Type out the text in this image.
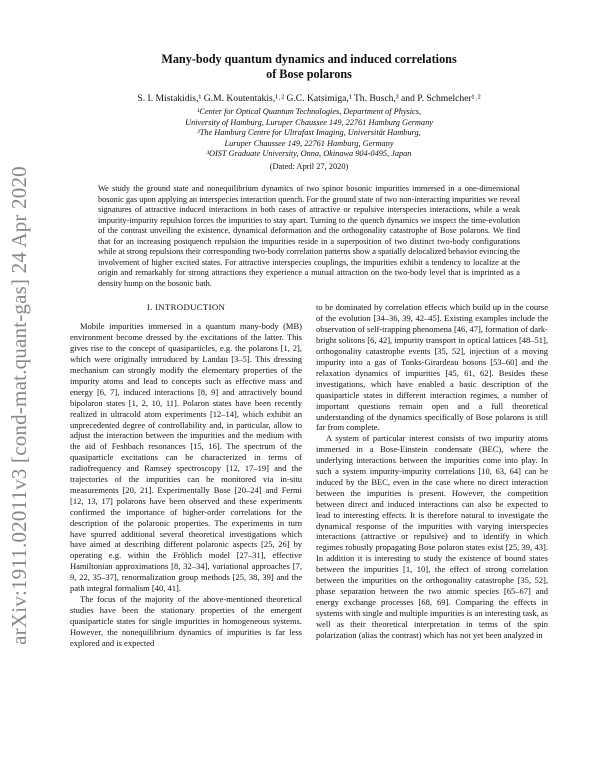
arXiv:1911.02011v3 [cond-mat.quant-gas] 24 Apr 2020
Many-body quantum dynamics and induced correlations
of Bose polarons
S. I. Mistakidis,¹ G.M. Koutentakis,¹˒² G.C. Katsimiga,¹ Th. Busch,³ and P. Schmelcher¹˒²
¹Center for Optical Quantum Technologies, Department of Physics,
University of Hamburg, Luruper Chaussee 149, 22761 Hamburg Germany
²The Hamburg Centre for Ultrafast Imaging, Universität Hamburg,
Luruper Chaussee 149, 22761 Hamburg, Germany
³OIST Graduate University, Onna, Okinawa 904-0495, Japan
(Dated: April 27, 2020)
We study the ground state and nonequilibrium dynamics of two spinor bosonic impurities immersed in a one-dimensional bosonic gas upon applying an interspecies interaction quench. For the ground state of two non-interacting impurities we reveal signatures of attractive induced interactions in both cases of attractive or repulsive interspecies interactions, while a weak impurity-impurity repulsion forces the impurities to stay apart. Turning to the quench dynamics we inspect the time-evolution of the contrast unveiling the existence, dynamical deformation and the orthogonality catastrophe of Bose polarons. We find that for an increasing postquench repulsion the impurities reside in a superposition of two distinct two-body configurations while at strong repulsions their corresponding two-body correlation patterns show a spatially delocalized behavior evincing the involvement of higher excited states. For attractive interspecies couplings, the impurities exhibit a tendency to localize at the origin and remarkably for strong attractions they experience a mutual attraction on the two-body level that is imprinted as a density hump on the bosonic bath.
I. INTRODUCTION

Mobile impurities immersed in a quantum many-body (MB) environment become dressed by the excitations of the latter. This gives rise to the concept of quasiparticles, e.g. the polarons [1, 2], which were originally introduced by Landau [3–5]. This dressing mechanism can strongly modify the elementary properties of the impurity atoms and lead to concepts such as effective mass and energy [6, 7], induced interactions [8, 9] and attractively bound bipolaron states [1, 2, 10, 11]. Polaron states have been recently realized in ultracold atom experiments [12–14], which exhibit an unprecedented degree of controllability and, in particular, allow to adjust the interaction between the impurities and the medium with the aid of Feshbach resonances [15, 16]. The spectrum of the quasiparticle excitations can be characterized in terms of radiofrequency and Ramsey spectroscopy [12, 17–19] and the trajectories of the impurities can be monitored via in-situ measurements [20, 21]. Experimentally Bose [20–24] and Fermi [12, 13, 17] polarons have been observed and these experiments confirmed the importance of higher-order correlations for the description of the polaronic properties. The experiments in turn have spurred additional several theoretical investigations which have aimed at describing different polaronic aspects [25, 26] by operating e.g. within the Fröhlich model [27–31], effective Hamiltonian approximations [8, 32–34], variational approaches [7, 9, 22, 35–37], renormalization group methods [25, 38, 39] and the path integral formalism [40, 41].

The focus of the majority of the above-mentioned theoretical studies have been the stationary properties of the emergent quasiparticle states for single impurities in homogeneous systems. However, the nonequilibrium dynamics of impurities is far less explored and is expected

to be dominated by correlation effects which build up in the course of the evolution [34–36, 39, 42–45]. Existing examples include the observation of self-trapping phenomena [46, 47], formation of dark-bright solitons [6, 42], impurity transport in optical lattices [48–51], orthogonality catastrophe events [35, 52], injection of a moving impurity into a gas of Tonks-Girardeau bosons [53–60] and the relaxation dynamics of impurities [45, 61, 62]. Besides these investigations, which have enabled a basic description of the quasiparticle states in different interaction regimes, a number of important questions remain open and a full theoretical understanding of the dynamics specifically of Bose polarons is still far from complete.

A system of particular interest consists of two impurity atoms immersed in a Bose-Einstein condensate (BEC), where the underlying interactions between the impurities come into play. In such a system impurity-impurity correlations [10, 63, 64] can be induced by the BEC, even in the case where no direct interaction between the impurities is present. However, the competition between direct and induced interactions can also be expected to lead to interesting effects. It is therefore natural to investigate the dynamical response of the impurities with varying interspecies interactions (attractive or repulsive) and to identify in which regimes robustly propagating Bose polaron states exist [25, 39, 43]. In addition it is interesting to study the existence of bound states between the impurities [1, 10], the effect of strong correlation between the impurities on the orthogonality catastrophe [35, 52], phase separation between the two atomic species [65–67] and energy exchange processes [68, 69]. Comparing the effects in systems with single and multiple impurities is an interesting task, as well as their theoretical interpretation in terms of the spin polarization (alias the contrast) which has not yet been analyzed in
